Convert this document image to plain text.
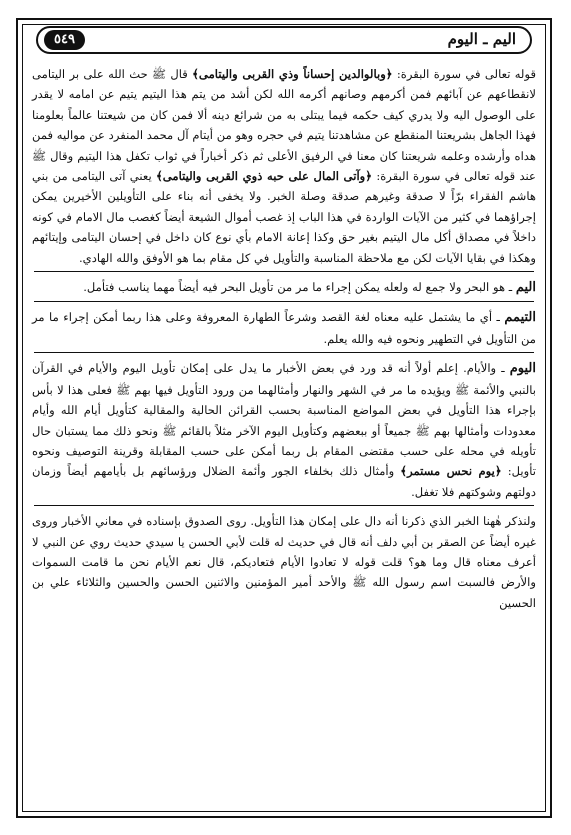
اليم ـ اليوم
٥٤٩

قوله تعالى في سورة البقرة: ﴿وبالوالدين إحساناً وذي القربى واليتامى﴾ قال ﷺ حث الله على بر اليتامى لانقطاعهم عن آبائهم فمن أكرمهم وصانهم أكرمه الله لكن أشد من يتم هذا اليتيم يتيم عن امامه لا يقدر على الوصول اليه ولا يدري كيف حكمه فيما يبتلى به من شرائع دينه ألا فمن كان من شيعتنا عالماً بعلومنا فهذا الجاهل بشريعتنا المنقطع عن مشاهدتنا يتيم في حجره وهو من أيتام آل محمد المنفرد عن مواليه فمن هداه وأرشده وعلمه شريعتنا كان معنا في الرفيق الأعلى ثم ذكر أخباراً في ثواب تكفل هذا اليتيم وقال ﷺ عند قوله تعالى في سورة البقرة: ﴿وآتى المال على حبه ذوي القربى واليتامى﴾ يعني آتى اليتامى من بني هاشم الفقراء برّاً لا صدقة وغيرهم صدقة وصلة الخبر. ولا يخفى أنه بناء على التأويلين الأخيرين يمكن إجراؤهما في كثير من الآيات الواردة في هذا الباب إذ غصب أموال الشيعة أيضاً كغصب مال الامام في كونه داخلاً في مصداق أكل مال اليتيم بغير حق وكذا إعانة الامام بأي نوع كان داخل في إحسان اليتامى وإيتائهم وهكذا في بقايا الآيات لكن مع ملاحظة المناسبة والتأويل في كل مقام بما هو الأوفق والله الهادي.

اليم ـ هو البحر ولا جمع له ولعله يمكن إجراء ما مر من تأويل البحر فيه أيضاً مهما يناسب فتأمل.

التيمم ـ أي ما يشتمل عليه معناه لغة القصد وشرعاً الطهارة المعروفة وعلى هذا ربما أمكن إجراء ما مر من التأويل في التطهير ونحوه فيه والله يعلم.

اليوم ـ والأيام. إعلم أولاً أنه قد ورد في بعض الأخبار ما يدل على إمكان تأويل اليوم والأيام في القرآن بالنبي والأئمة ﷺ ويؤيده ما مر في الشهر والنهار وأمثالهما من ورود التأويل فيها بهم ﷺ فعلى هذا لا بأس بإجراء هذا التأويل في بعض المواضع المناسبة بحسب القرائن الحالية والمقالية كتأويل أيام الله وأيام معدودات وأمثالها بهم ﷺ جميعاً أو ببعضهم وكتأويل اليوم الآخر مثلاً بالقائم ﷺ ونحو ذلك مما يستبان حال تأويله في محله على حسب مقتضى المقام بل ربما أمكن على حسب المقابلة وقرينة التوصيف ونحوه تأويل: ﴿يوم نحس مستمر﴾ وأمثال ذلك بخلفاء الجور وأئمة الضلال ورؤسائهم بل بأيامهم أيضاً وزمان دولتهم وشوكتهم فلا تغفل.

ولنذكر هٰهنا الخبر الذي ذكرنا أنه دال على إمكان هذا التأويل. روى الصدوق بإسناده في معاني الأخبار وروى غيره أيضاً عن الصقر بن أبي دلف أنه قال في حديث له قلت لأبي الحسن يا سيدي حديث روي عن النبي لا أعرف معناه قال وما هو؟ قلت قوله لا تعادوا الأيام فتعاديكم، قال نعم الأيام نحن ما قامت السموات والأرض فالسبت اسم رسول الله ﷺ والأحد أمير المؤمنين والاثنين الحسن والحسين والثلاثاء علي بن الحسين
